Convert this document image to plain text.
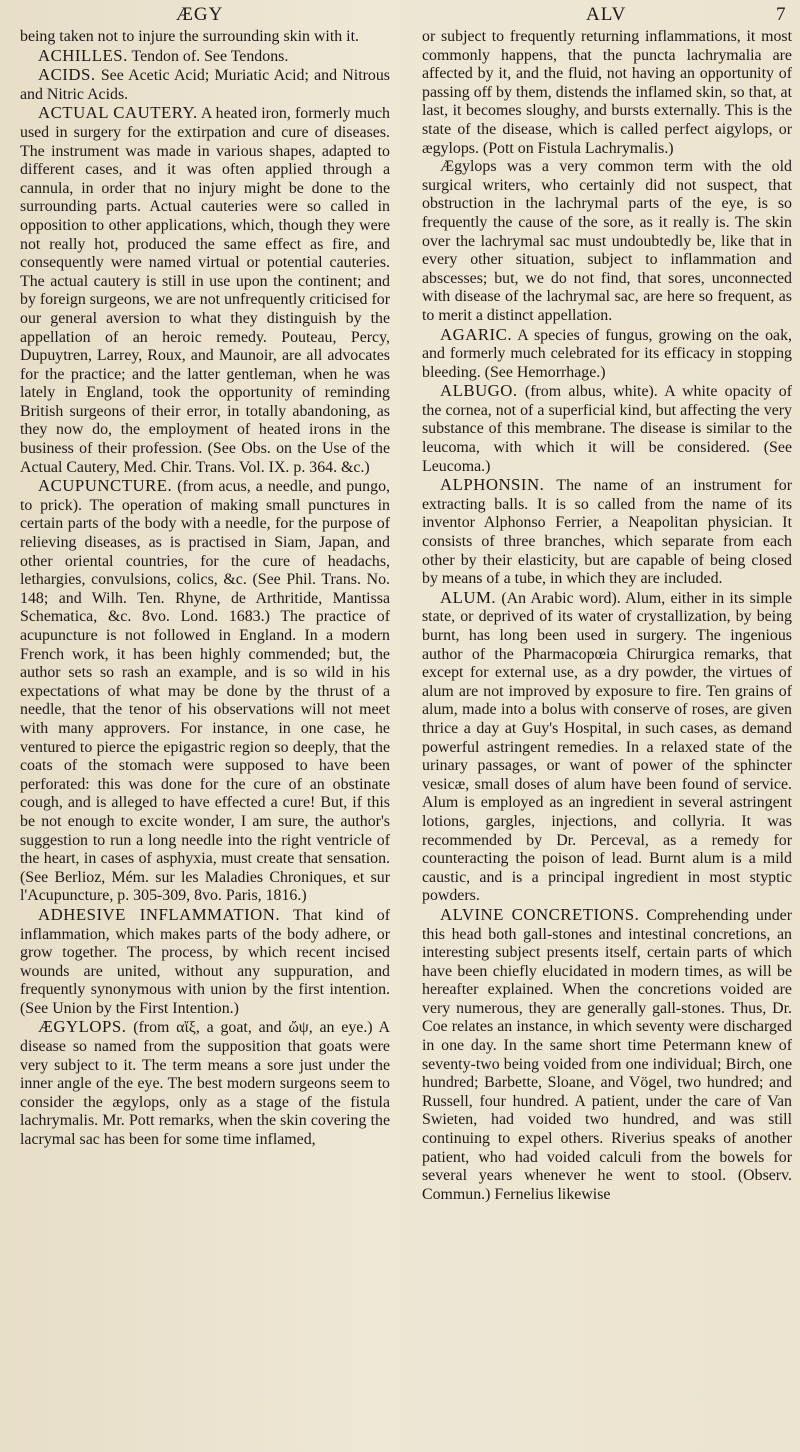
ÆGY	ALV	7

being taken not to injure the surrounding skin with it.

ACHILLES . Tendon of. See Tendons.

ACIDS . See Acetic Acid; Muriatic Acid; and Nitrous and Nitric Acids.

ACTUAL CAUTERY . A heated iron, formerly much used in surgery for the extirpation and cure of diseases. The instrument was made in various shapes, adapted to different cases, and it was often applied through a cannula, in order that no injury might be done to the surrounding parts. Actual cauteries were so called in opposition to other applications, which, though they were not really hot, produced the same effect as fire, and consequently were named virtual or potential cauteries. The actual cautery is still in use upon the continent; and by foreign surgeons, we are not unfrequently criticised for our general aversion to what they distinguish by the appellation of an heroic remedy. Pouteau, Percy, Dupuytren, Larrey, Roux, and Maunoir, are all advocates for the practice; and the latter gentleman, when he was lately in England, took the opportunity of reminding British surgeons of their error, in totally abandoning, as they now do, the employment of heated irons in the business of their profession. (See Obs. on the Use of the Actual Cautery, Med. Chir. Trans. Vol. IX. p. 364. &c.)

ACUPUNCTURE . (from acus, a needle, and pungo, to prick). The operation of making small punctures in certain parts of the body with a needle, for the purpose of relieving diseases, as is practised in Siam, Japan, and other oriental countries, for the cure of headachs, lethargies, convulsions, colics, &c. (See Phil. Trans. No. 148; and Wilh. Ten. Rhyne, de Arthritide, Mantissa Schematica, &c. 8vo. Lond. 1683.) The practice of acupuncture is not followed in England. In a modern French work, it has been highly commended; but, the author sets so rash an example, and is so wild in his expectations of what may be done by the thrust of a needle, that the tenor of his observations will not meet with many approvers. For instance, in one case, he ventured to pierce the epigastric region so deeply, that the coats of the stomach were supposed to have been perforated: this was done for the cure of an obstinate cough, and is alleged to have effected a cure! But, if this be not enough to excite wonder, I am sure, the author's suggestion to run a long needle into the right ventricle of the heart, in cases of asphyxia, must create that sensation. (See Berlioz, Mém. sur les Maladies Chroniques, et sur l'Acupuncture, p. 305-309, 8vo. Paris, 1816.)

ADHESIVE INFLAMMATION . That kind of inflammation, which makes parts of the body adhere, or grow together. The process, by which recent incised wounds are united, without any suppuration, and frequently synonymous with union by the first intention. (See Union by the First Intention.)

ÆGYLOPS . (from αἴξ, a goat, and ὤψ, an eye.) A disease so named from the supposition that goats were very subject to it. The term means a sore just under the inner angle of the eye. The best modern surgeons seem to consider the ægylops, only as a stage of the fistula lachrymalis. Mr. Pott remarks, when the skin covering the lacrymal sac has been for some time inflamed,

or subject to frequently returning inflammations, it most commonly happens, that the puncta lachrymalia are affected by it, and the fluid, not having an opportunity of passing off by them, distends the inflamed skin, so that, at last, it becomes sloughy, and bursts externally. This is the state of the disease, which is called perfect aigylops, or ægylops. (Pott on Fistula Lachrymalis.)

Ægylops was a very common term with the old surgical writers, who certainly did not suspect, that obstruction in the lachrymal parts of the eye, is so frequently the cause of the sore, as it really is. The skin over the lachrymal sac must undoubtedly be, like that in every other situation, subject to inflammation and abscesses; but, we do not find, that sores, unconnected with disease of the lachrymal sac, are here so frequent, as to merit a distinct appellation.

AGARIC . A species of fungus, growing on the oak, and formerly much celebrated for its efficacy in stopping bleeding. (See Hemorrhage.)

ALBUGO . (from albus, white). A white opacity of the cornea, not of a superficial kind, but affecting the very substance of this membrane. The disease is similar to the leucoma, with which it will be considered. (See Leucoma.)

ALPHONSIN . The name of an instrument for extracting balls. It is so called from the name of its inventor Alphonso Ferrier, a Neapolitan physician. It consists of three branches, which separate from each other by their elasticity, but are capable of being closed by means of a tube, in which they are included.

ALUM . (An Arabic word). Alum, either in its simple state, or deprived of its water of crystallization, by being burnt, has long been used in surgery. The ingenious author of the Pharmacopœia Chirurgica remarks, that except for external use, as a dry powder, the virtues of alum are not improved by exposure to fire. Ten grains of alum, made into a bolus with conserve of roses, are given thrice a day at Guy's Hospital, in such cases, as demand powerful astringent remedies. In a relaxed state of the urinary passages, or want of power of the sphincter vesicæ, small doses of alum have been found of service. Alum is employed as an ingredient in several astringent lotions, gargles, injections, and collyria. It was recommended by Dr. Perceval, as a remedy for counteracting the poison of lead. Burnt alum is a mild caustic, and is a principal ingredient in most styptic powders.

ALVINE CONCRETIONS . Comprehending under this head both gall-stones and intestinal concretions, an interesting subject presents itself, certain parts of which have been chiefly elucidated in modern times, as will be hereafter explained. When the concretions voided are very numerous, they are generally gall-stones. Thus, Dr. Coe relates an instance, in which seventy were discharged in one day. In the same short time Petermann knew of seventy-two being voided from one individual; Birch, one hundred; Barbette, Sloane, and Vögel, two hundred; and Russell, four hundred. A patient, under the care of Van Swieten, had voided two hundred, and was still continuing to expel others. Riverius speaks of another patient, who had voided calculi from the bowels for several years whenever he went to stool. (Observ. Commun.) Fernelius likewise
